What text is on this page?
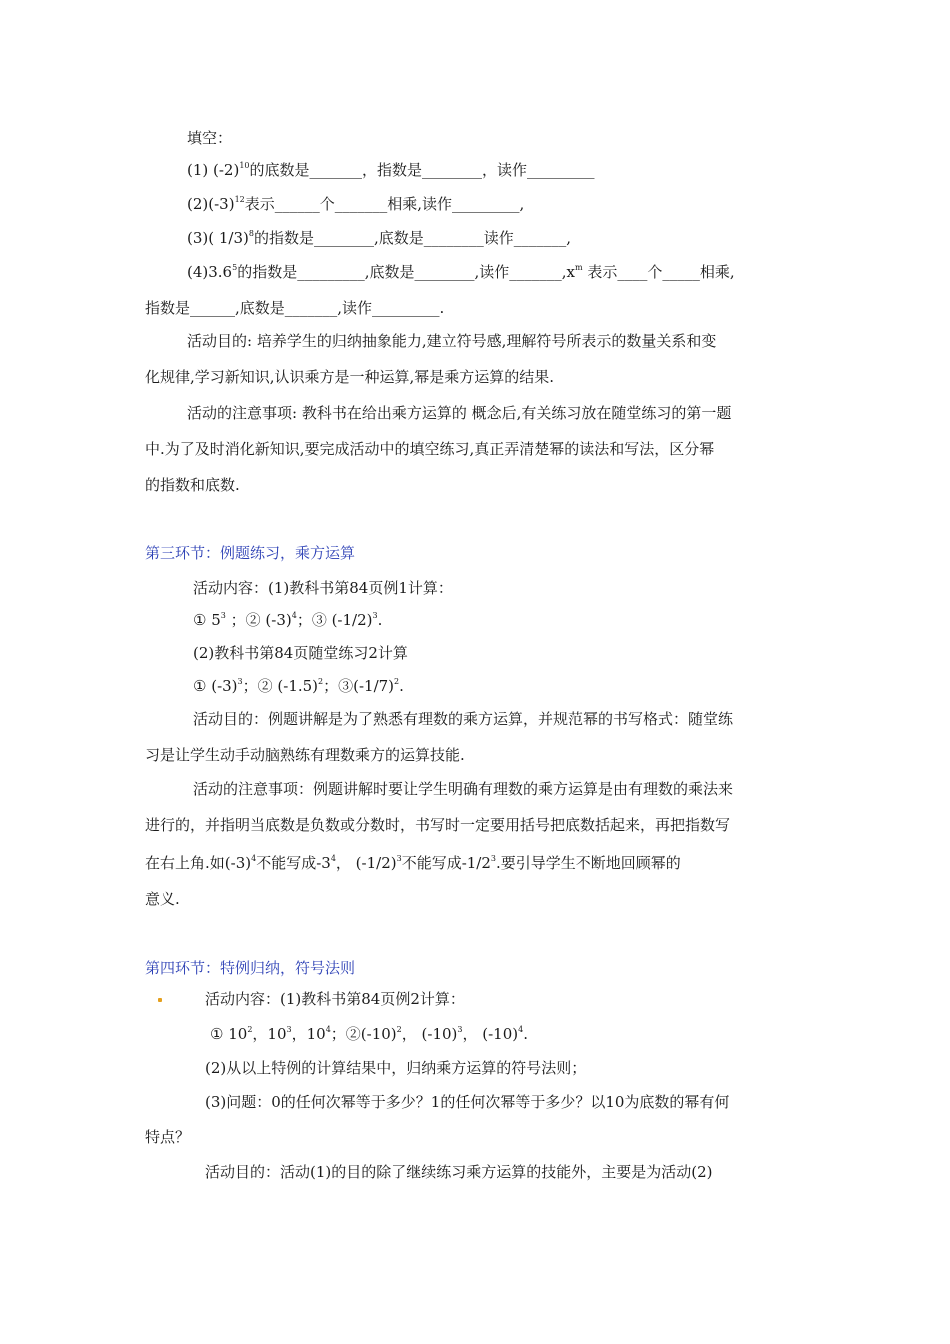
填空：
(1) $(-2)^{10}$的底数是_______，指数是________，读作_________
$(2)(-3)^{12}$表示______个_______相乘,读作_________,
(3)( 1/3)$^8$的指数是________,底数是________读作_______,
$(4)3.6^5$的指数是_________,底数是________,读作$\_\_\_\_\_\_\_,x^m$ 表示____个_____相乘,
指数是______,底数是_______,读作_________.
活动目的: 培养学生的归纳抽象能力,建立符号感,理解符号所表示的数量关系和变
化规律,学习新知识,认识乘方是一种运算,幂是乘方运算的结果.
活动的注意事项: 教科书在给出乘方运算的 概念后,有关练习放在随堂练习的第一题
中.为了及时消化新知识,要完成活动中的填空练习,真正弄清楚幂的读法和写法，区分幂
的指数和底数.
第三环节：例题练习，乘方运算
活动内容：(1)教科书第84页例1计算：
① $5^3$ ；② $(-3)^4$；③ $(-1/2)^3$.
(2)教科书第84页随堂练习2计算
① $(-3)^3$；② $(-1.5)^2$；$③(-1/7)^2$.
活动目的：例题讲解是为了熟悉有理数的乘方运算，并规范幂的书写格式：随堂练
习是让学生动手动脑熟练有理数乘方的运算技能.
活动的注意事项：例题讲解时要让学生明确有理数的乘方运算是由有理数的乘法来
进行的，并指明当底数是负数或分数时，书写时一定要用括号把底数括起来，再把指数写
在右上角.如$(-3)^4$不能写成$-3^4$， $(-1/2)^3$不能写成$-1/2^3$.要引导学生不断地回顾幂的
意义.
第四环节：特例归纳，符号法则
活动内容：(1)教科书第84页例2计算：
① $10^2$，$10^3$，$10^4$；$②(-10)^2$， $(-10)^3$， $(-10)^4$.
(2)从以上特例的计算结果中，归纳乘方运算的符号法则；
(3)问题：0的任何次幂等于多少？1的任何次幂等于多少？以10为底数的幂有何
特点？
活动目的：活动(1)的目的除了继续练习乘方运算的技能外，主要是为活动(2)
